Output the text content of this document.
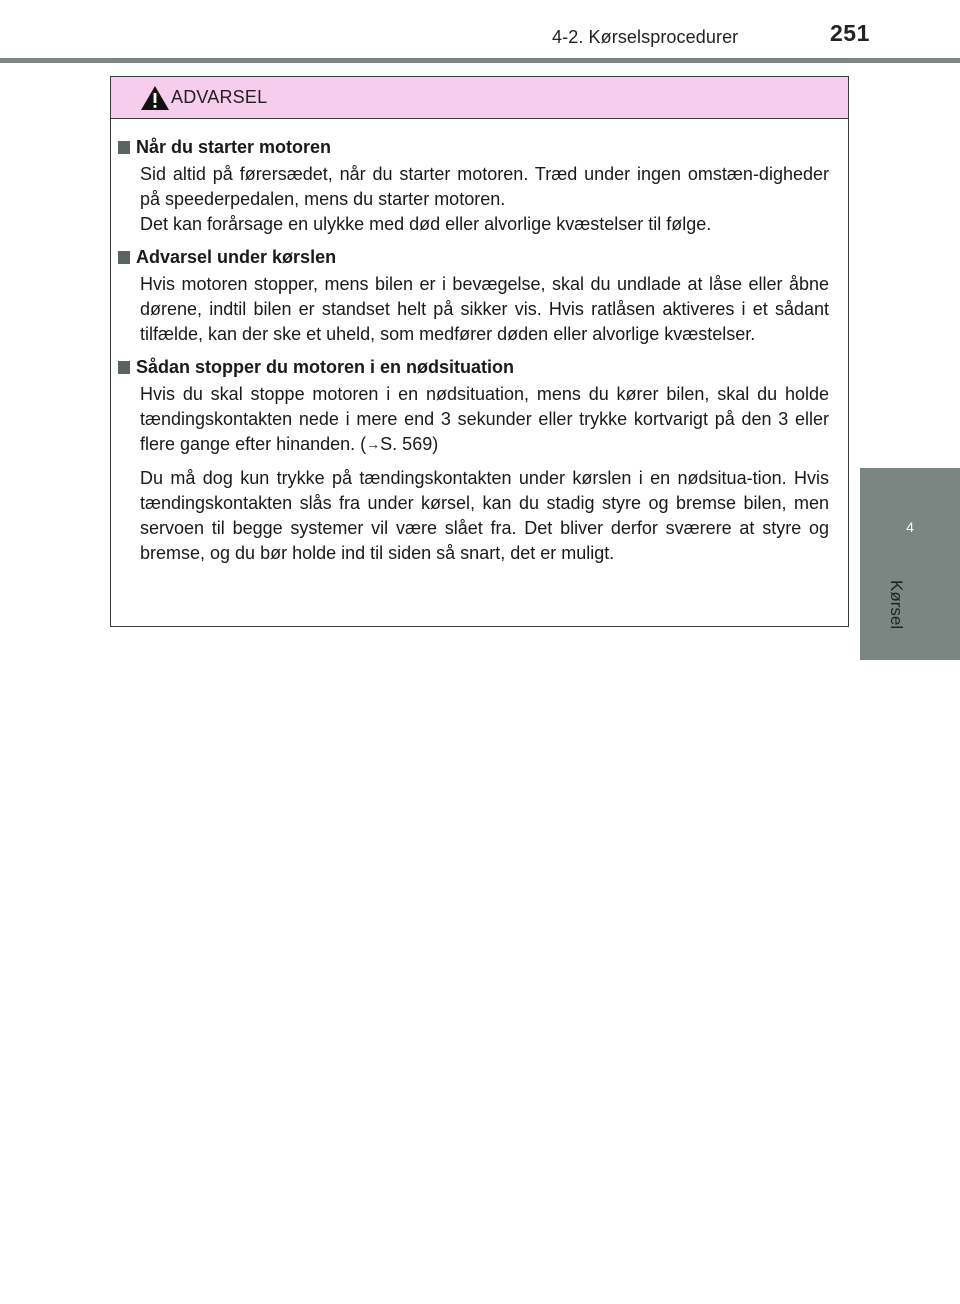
4-2. Kørselsprocedurer	251
4
Kørsel
ADVARSEL
Når du starter motoren

Sid altid på førersædet, når du starter motoren. Træd under ingen omstæn-digheder på speederpedalen, mens du starter motoren.

Det kan forårsage en ulykke med død eller alvorlige kvæstelser til følge.

Advarsel under kørslen

Hvis motoren stopper, mens bilen er i bevægelse, skal du undlade at låse eller åbne dørene, indtil bilen er standset helt på sikker vis. Hvis ratlåsen aktiveres i et sådant tilfælde, kan der ske et uheld, som medfører døden eller alvorlige kvæstelser.

Sådan stopper du motoren i en nødsituation

Hvis du skal stoppe motoren i en nødsituation, mens du kører bilen, skal du holde tændingskontakten nede i mere end 3 sekunder eller trykke kortvarigt på den 3 eller flere gange efter hinanden. (→S. 569)

Du må dog kun trykke på tændingskontakten under kørslen i en nødsitua-tion. Hvis tændingskontakten slås fra under kørsel, kan du stadig styre og bremse bilen, men servoen til begge systemer vil være slået fra. Det bliver derfor sværere at styre og bremse, og du bør holde ind til siden så snart, det er muligt.
